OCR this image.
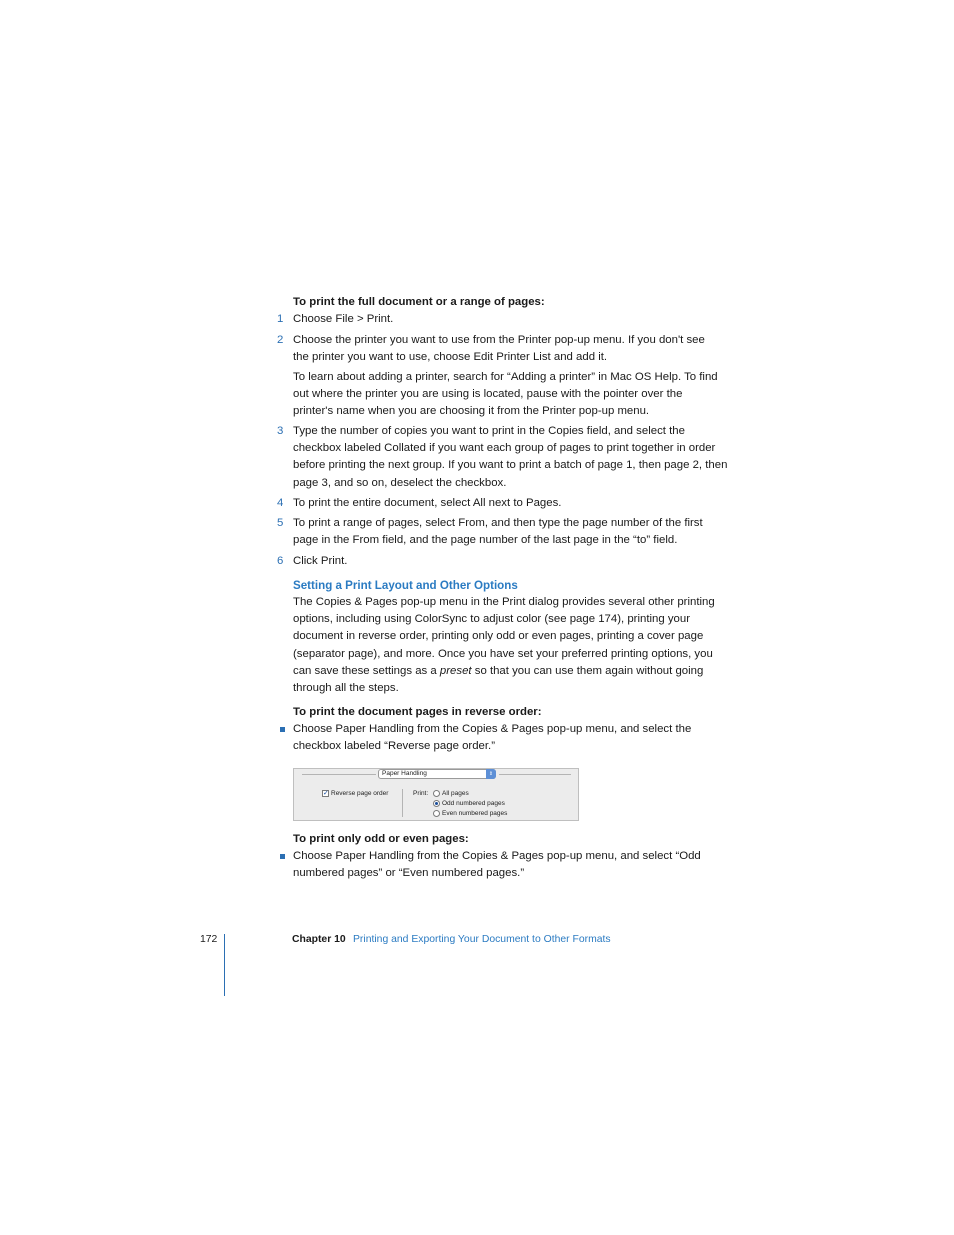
To print the full document or a range of pages:
1 Choose File > Print.
2 Choose the printer you want to use from the Printer pop-up menu. If you don't see the printer you want to use, choose Edit Printer List and add it.
To learn about adding a printer, search for “Adding a printer” in Mac OS Help. To find out where the printer you are using is located, pause with the pointer over the printer's name when you are choosing it from the Printer pop-up menu.
3 Type the number of copies you want to print in the Copies field, and select the checkbox labeled Collated if you want each group of pages to print together in order before printing the next group. If you want to print a batch of page 1, then page 2, then page 3, and so on, deselect the checkbox.
4 To print the entire document, select All next to Pages.
5 To print a range of pages, select From, and then type the page number of the first page in the From field, and the page number of the last page in the “to” field.
6 Click Print.
Setting a Print Layout and Other Options
The Copies & Pages pop-up menu in the Print dialog provides several other printing options, including using ColorSync to adjust color (see page 174), printing your document in reverse order, printing only odd or even pages, printing a cover page (separator page), and more. Once you have set your preferred printing options, you can save these settings as a preset so that you can use them again without going through all the steps.
To print the document pages in reverse order:
Choose Paper Handling from the Copies & Pages pop-up menu, and select the checkbox labeled “Reverse page order.”
Paper Handling	⇕
✓ Reverse page order	Print: All pages
Odd numbered pages
Even numbered pages
To print only odd or even pages:
Choose Paper Handling from the Copies & Pages pop-up menu, and select “Odd numbered pages” or “Even numbered pages.”
172	Chapter 10 Printing and Exporting Your Document to Other Formats
